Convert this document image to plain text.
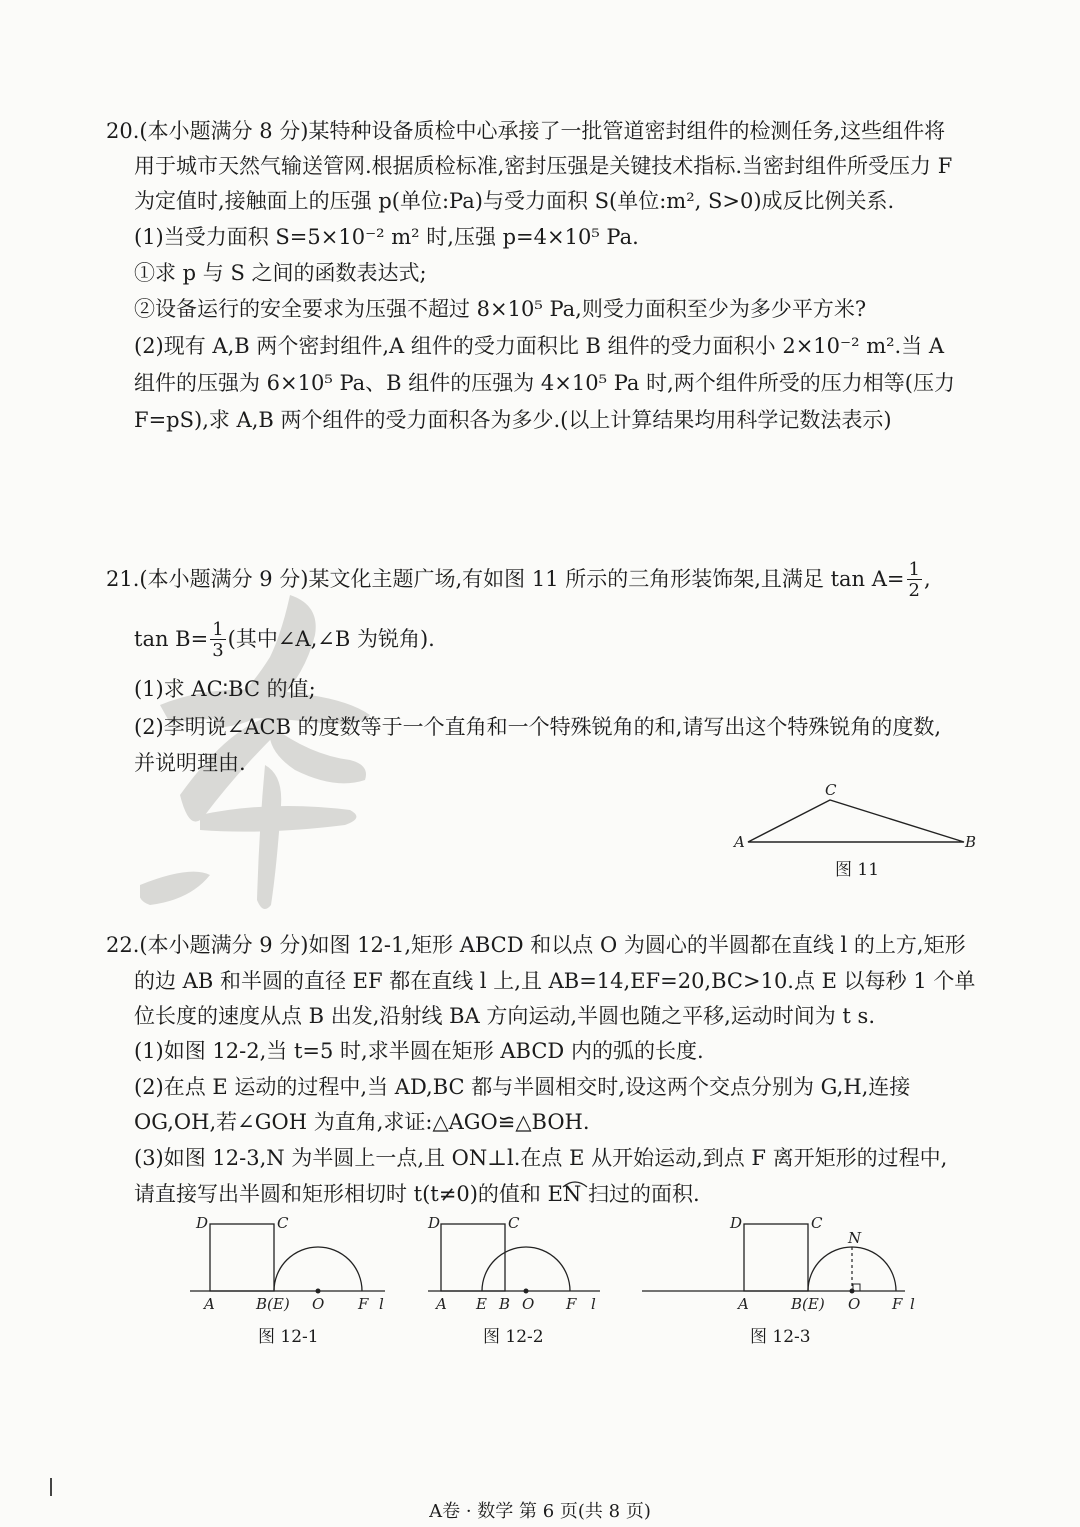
20.(本小题满分 8 分)某特种设备质检中心承接了一批管道密封组件的检测任务,这些组件将
用于城市天然气输送管网.根据质检标准,密封压强是关键技术指标.当密封组件所受压力 F
为定值时,接触面上的压强 p(单位:Pa)与受力面积 S(单位:m², S>0)成反比例关系.
(1)当受力面积 S=5×10⁻² m² 时,压强 p=4×10⁵ Pa.
①求 p 与 S 之间的函数表达式;
②设备运行的安全要求为压强不超过 8×10⁵ Pa,则受力面积至少为多少平方米?
(2)现有 A,B 两个密封组件,A 组件的受力面积比 B 组件的受力面积小 2×10⁻² m².当 A
组件的压强为 6×10⁵ Pa、B 组件的压强为 4×10⁵ Pa 时,两个组件所受的压力相等(压力
F=pS),求 A,B 两个组件的受力面积各为多少.(以上计算结果均用科学记数法表示)
21.(本小题满分 9 分)某文化主题广场,有如图 11 所示的三角形装饰架,且满足 $\tan A= \frac{1}{2}$ ,
$\tan B= \frac{1}{3}$ (其中∠A,∠B 为锐角).
(1)求 AC∶BC 的值;
(2)李明说∠ACB 的度数等于一个直角和一个特殊锐角的和,请写出这个特殊锐角的度数,
并说明理由.
A	B
C
图 11
22.(本小题满分 9 分)如图 12-1,矩形 ABCD 和以点 O 为圆心的半圆都在直线 l 的上方,矩形
的边 AB 和半圆的直径 EF 都在直线 l 上,且 AB=14,EF=20,BC>10.点 E 以每秒 1 个单
位长度的速度从点 B 出发,沿射线 BA 方向运动,半圆也随之平移,运动时间为 t s.
(1)如图 12-2,当 t=5 时,求半圆在矩形 ABCD 内的弧的长度.
(2)在点 E 运动的过程中,当 AD,BC 都与半圆相交时,设这两个交点分别为 G,H,连接
OG,OH,若∠GOH 为直角,求证:△AGO≌△BOH.
(3)如图 12-3,N 为半圆上一点,且 ON⊥l.在点 E 从开始运动,到点 F 离开矩形的过程中,
请直接写出半圆和矩形相切时 t(t≠0)的值和 EN 扫过的面积.
D	C
A	B(E) O F l
图 12-1
D	C
A E B O F l
图 12-2
D	C
N
A	B(E) O F l
图 12-3
A卷 · 数学 第 6 页(共 8 页)
